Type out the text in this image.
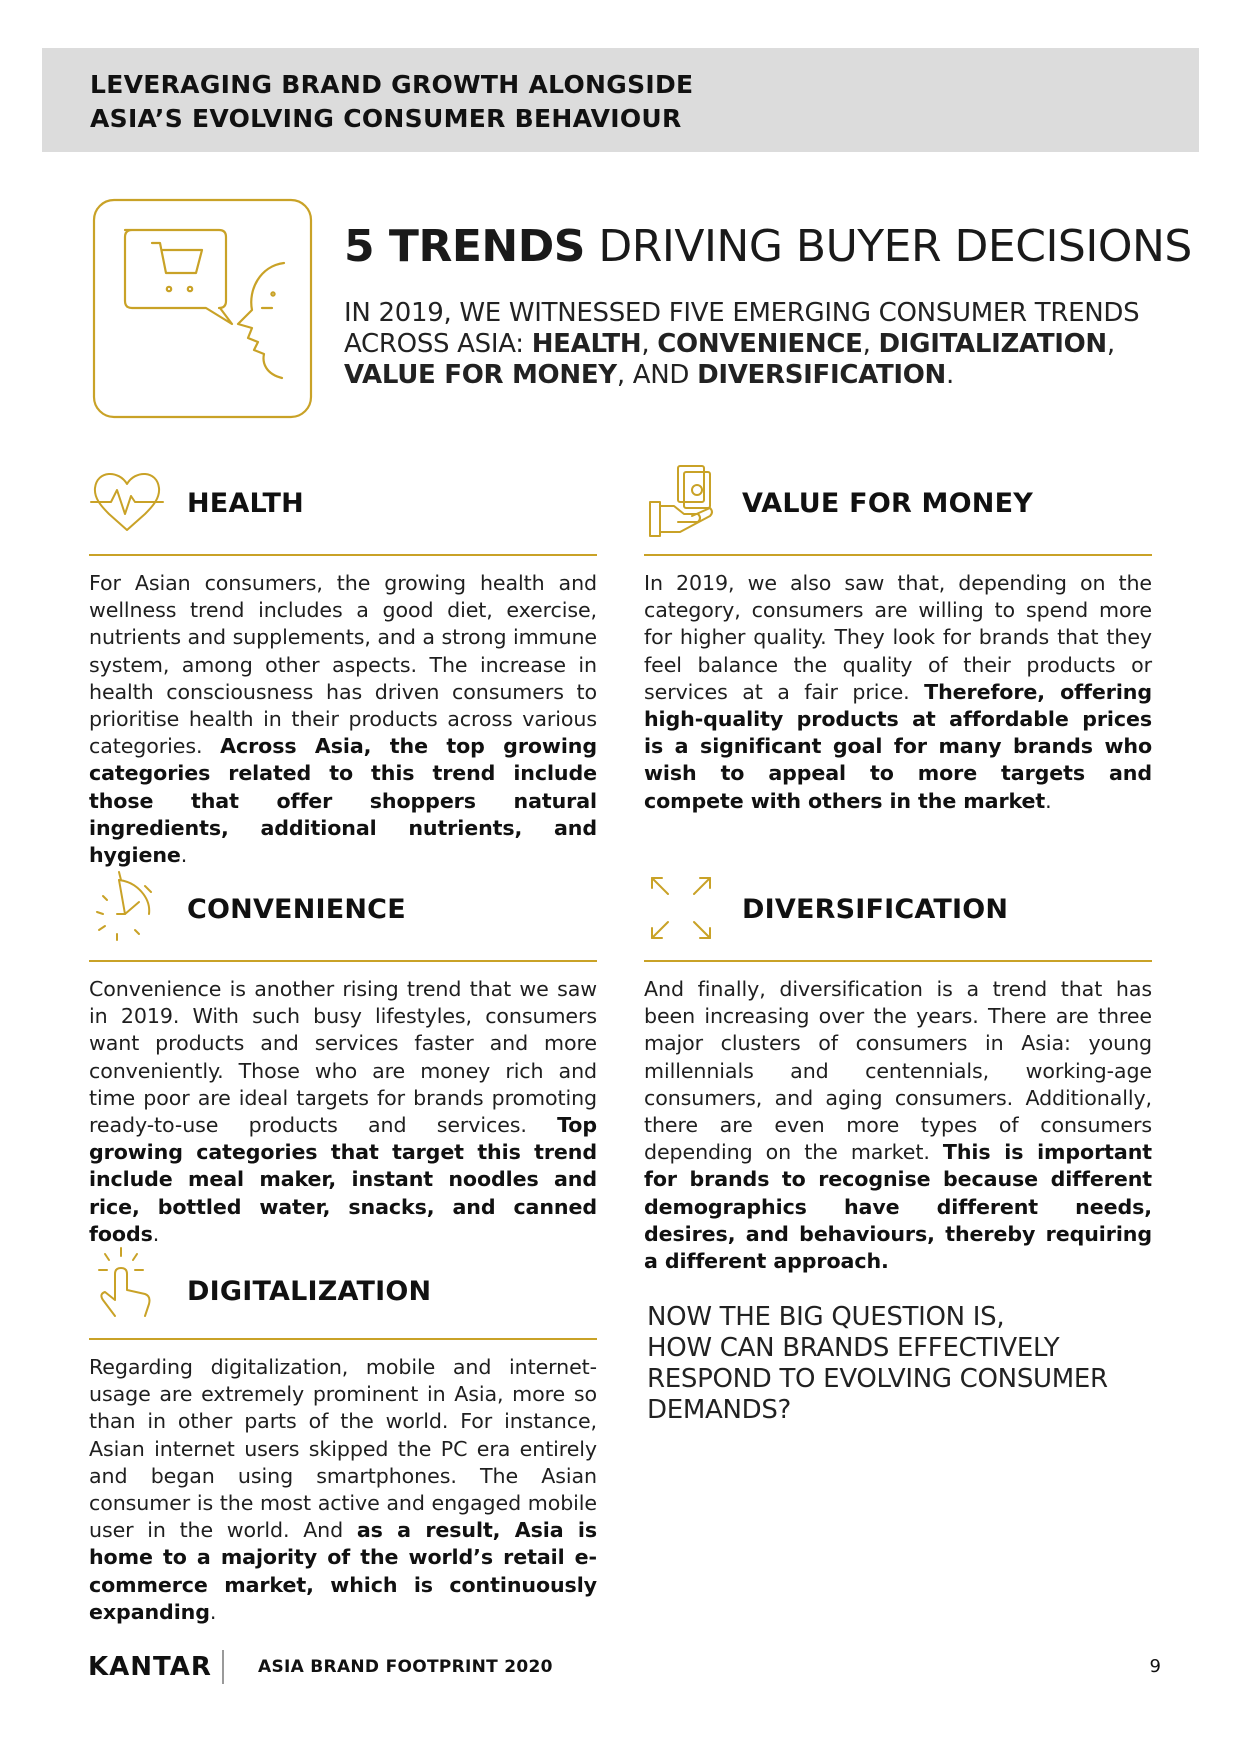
LEVERAGING BRAND GROWTH ALONGSIDE
ASIA’S EVOLVING CONSUMER BEHAVIOUR
5 TRENDS DRIVING BUYER DECISIONS
IN 2019, WE WITNESSED FIVE EMERGING CONSUMER TRENDS ACROSS ASIA: HEALTH, CONVENIENCE, DIGITALIZATION, VALUE FOR MONEY, AND DIVERSIFICATION.
HEALTH
For Asian consumers, the growing health and wellness trend includes a good diet, exercise, nutrients and supplements, and a strong immune system, among other aspects. The increase in health consciousness has driven consumers to prioritise health in their products across various categories. Across Asia, the top growing categories related to this trend include those that offer shoppers natural ingredients, additional nutrients, and hygiene.
VALUE FOR MONEY
In 2019, we also saw that, depending on the category, consumers are willing to spend more for higher quality. They look for brands that they feel balance the quality of their products or services at a fair price. Therefore, offering high-quality products at affordable prices is a significant goal for many brands who wish to appeal to more targets and compete with others in the market.
CONVENIENCE
Convenience is another rising trend that we saw in 2019. With such busy lifestyles, consumers want products and services faster and more conveniently. Those who are money rich and time poor are ideal targets for brands promoting ready-to-use products and services. Top growing categories that target this trend include meal maker, instant noodles and rice, bottled water, snacks, and canned foods.
DIVERSIFICATION
And finally, diversification is a trend that has been increasing over the years. There are three major clusters of consumers in Asia: young millennials and centennials, working-age consumers, and aging consumers. Additionally, there are even more types of consumers depending on the market. This is important for brands to recognise because different demographics have different needs, desires, and behaviours, thereby requiring a different approach.
DIGITALIZATION
Regarding digitalization, mobile and internet-usage are extremely prominent in Asia, more so than in other parts of the world. For instance, Asian internet users skipped the PC era entirely and began using smartphones. The Asian consumer is the most active and engaged mobile user in the world. And as a result, Asia is home to a majority of the world’s retail e-commerce market, which is continuously expanding.
NOW THE BIG QUESTION IS,
HOW CAN BRANDS EFFECTIVELY
RESPOND TO EVOLVING CONSUMER
DEMANDS?
KANTAR	ASIA BRAND FOOTPRINT 2020	9
